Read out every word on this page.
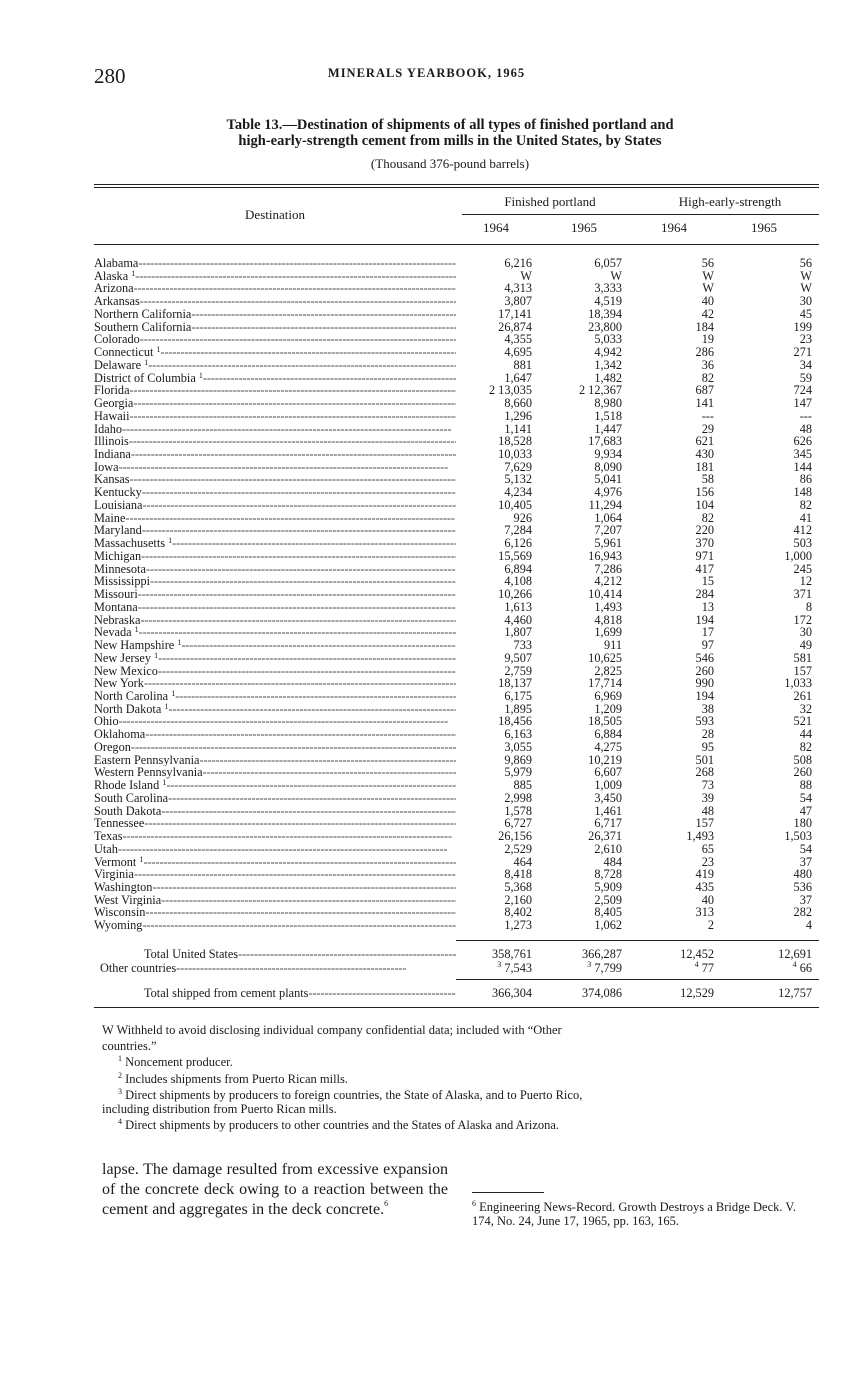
280	MINERALS YEARBOOK, 1965
Table 13.—Destination of shipments of all types of finished portland and
high-early-strength cement from mills in the United States, by States
(Thousand 376-pound barrels)
Destination
Finished portland	High-early-strength
1964	1965	1964	1965
Alabama - - -	6,216	6,057	56	56
Alaska $^1$ - - -	W	W	W	W
Arizona - - -	4,313	3,333	W	W
Arkansas - - -	3,807	4,519	40	30
Northern California - - -	17,141	18,394	42	45
Southern California - - -	26,874	23,800	184	199
Colorado - - -	4,355	5,033	19	23
Connecticut $^1$ - - -	4,695	4,942	286	271
Delaware $^1$ - - -	881	1,342	36	34
District of Columbia $^1$ - - -	1,647	1,482	82	59
Florida - - -	2 13,035	2 12,367	687	724
Georgia - - -	8,660	8,980	141	147
Hawaii - - -	1,296	1,518	---	---
Idaho - - -	1,141	1,447	29	48
Illinois - - -	18,528	17,683	621	626
Indiana - - -	10,033	9,934	430	345
Iowa - - -	7,629	8,090	181	144
Kansas - - -	5,132	5,041	58	86
Kentucky - - -	4,234	4,976	156	148
Louisiana - - -	10,405	11,294	104	82
Maine - - -	926	1,064	82	41
Maryland - - -	7,284	7,207	220	412
Massachusetts $^1$ - - -	6,126	5,961	370	503
Michigan - - -	15,569	16,943	971	1,000
Minnesota - - -	6,894	7,286	417	245
Mississippi - - -	4,108	4,212	15	12
Missouri - - -	10,266	10,414	284	371
Montana - - -	1,613	1,493	13	8
Nebraska - - -	4,460	4,818	194	172
Nevada $^1$ - - -	1,807	1,699	17	30
New Hampshire $^1$ - - -	733	911	97	49
New Jersey $^1$ - - -	9,507	10,625	546	581
New Mexico - - -	2,759	2,825	260	157
New York - - -	18,137	17,714	990	1,033
North Carolina $^1$ - - -	6,175	6,969	194	261
North Dakota $^1$ - - -	1,895	1,209	38	32
Ohio - - -	18,456	18,505	593	521
Oklahoma - - -	6,163	6,884	28	44
Oregon - - -	3,055	4,275	95	82
Eastern Pennsylvania - - -	9,869	10,219	501	508
Western Pennsylvania - - -	5,979	6,607	268	260
Rhode Island $^1$ - - -	885	1,009	73	88
South Carolina - - -	2,998	3,450	39	54
South Dakota - - -	1,578	1,461	48	47
Tennessee - - -	6,727	6,717	157	180
Texas - - -	26,156	26,371	1,493	1,503
Utah - - -	2,529	2,610	65	54
Vermont $^1$ - - -	464	484	23	37
Virginia - - -	8,418	8,728	419	480
Washington - - -	5,368	5,909	435	536
West Virginia - - -	2,160	2,509	40	37
Wisconsin - - -	8,402	8,405	313	282
Wyoming - - -	1,273	1,062	2	4
Total United States - - -	358,761	366,287	12,452	12,691
Other countries - - -	$^3$ 7,543	$^3$ 7,799	$^4$ 77	$^4$ 66
Total shipped from cement plants - - -	366,304	374,086	12,529	12,757
W Withheld to avoid disclosing individual company confidential data; included with “Other
countries.”
$^1$ Noncement producer.
$^2$ Includes shipments from Puerto Rican mills.
$^3$ Direct shipments by producers to foreign countries, the State of Alaska, and to Puerto Rico,
including distribution from Puerto Rican mills.
$^4$ Direct shipments by producers to other countries and the States of Alaska and Arizona.
lapse. The damage resulted from excessive expansion of the concrete deck owing to a reaction between the cement and aggregates in the deck concrete.$^6$	$^6$ Engineering News-Record. Growth Destroys a Bridge Deck. V. 174, No. 24, June 17, 1965, pp. 163, 165.
